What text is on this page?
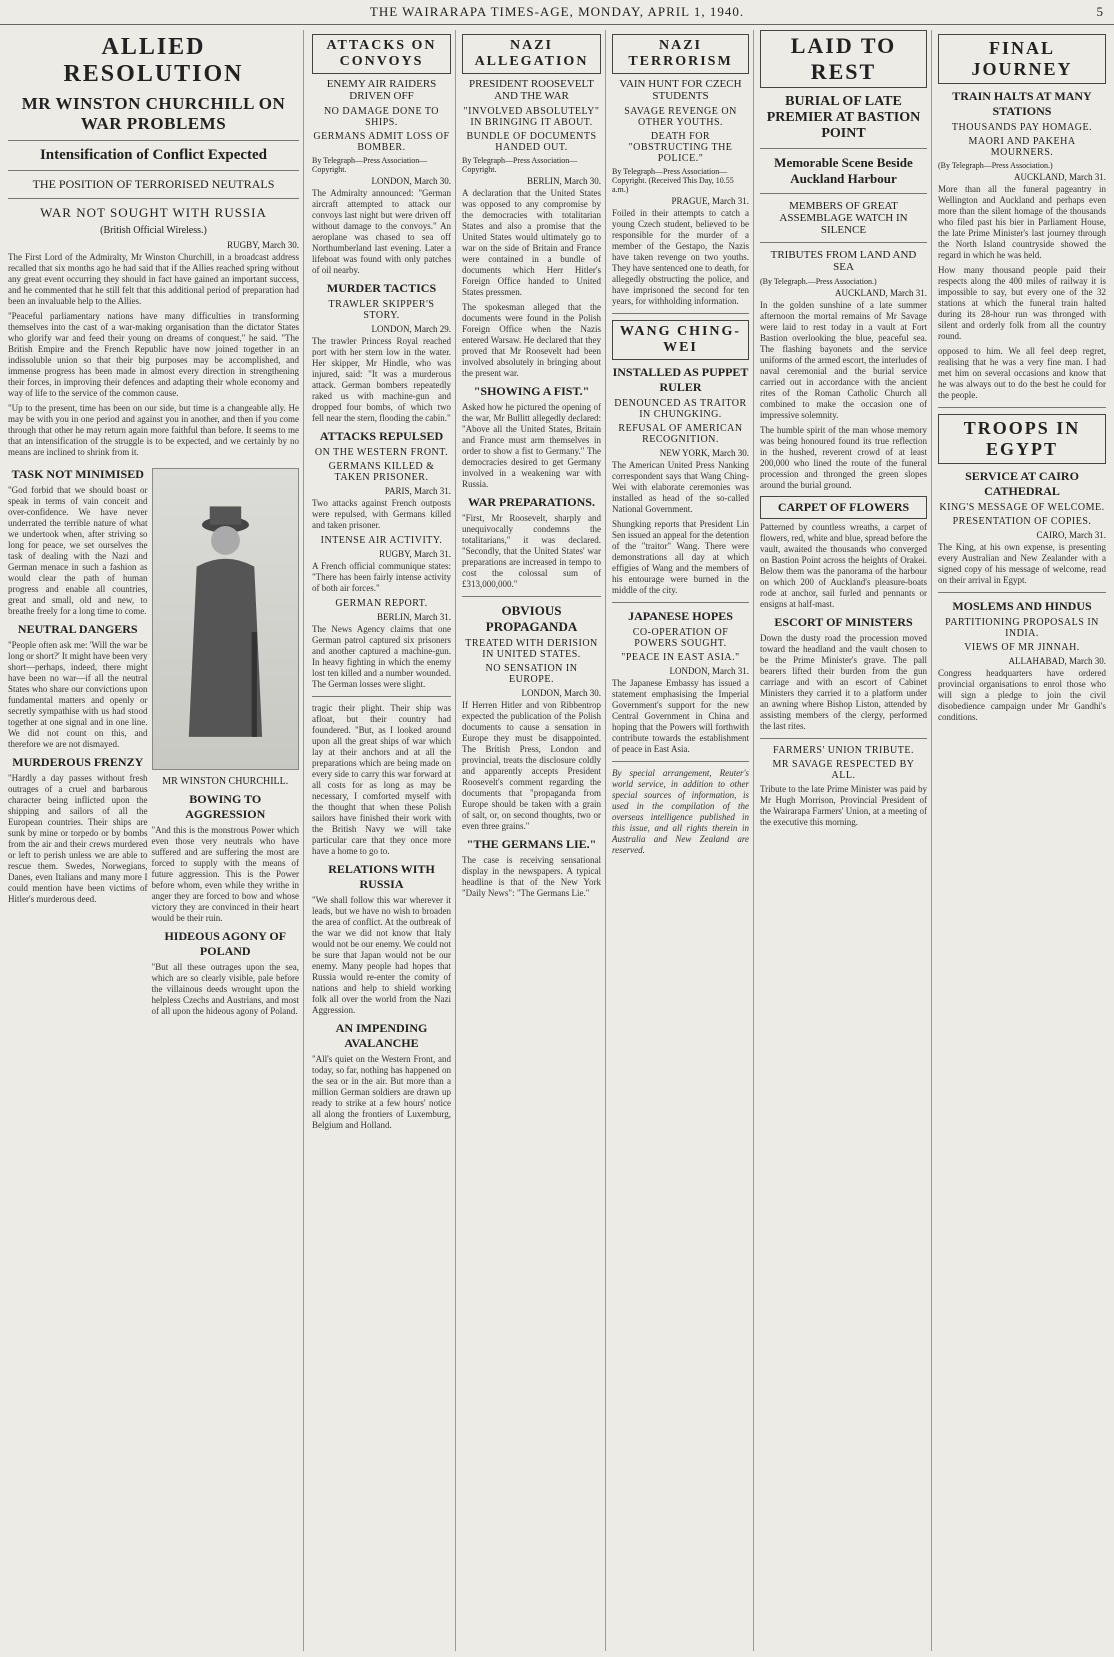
THE WAIRARAPA TIMES-AGE, MONDAY, APRIL 1, 1940.	5
ALLIED RESOLUTION
MR WINSTON CHURCHILL ON WAR PROBLEMS
Intensification of Conflict Expected
THE POSITION OF TERRORISED NEUTRALS
WAR NOT SOUGHT WITH RUSSIA
(British Official Wireless.)
RUGBY, March 30.

The First Lord of the Admiralty, Mr Winston Churchill, in a broadcast address recalled that six months ago he had said that if the Allies reached spring without any great event occurring they should in fact have gained an important success, and he commented that he still felt that this additional period of preparation had been an invaluable help to the Allies.

"Peaceful parliamentary nations have many difficulties in transforming themselves into the cast of a war-making organisation than the dictator States who glorify war and feed their young on dreams of conquest," he said. "The British Empire and the French Republic have now joined together in an indissoluble union so that their big purposes may be accomplished, and immense progress has been made in almost every direction in strengthening their forces, in improving their defences and adapting their whole economy and way of life to the service of the common cause.

"Up to the present, time has been on our side, but time is a changeable ally. He may be with you in one period and against you in another, and then if you come through that other he may return again more faithful than before. It seems to me that an intensification of the struggle is to be expected, and we certainly by no means are inclined to shrink from it.

TASK NOT MINIMISED

"God forbid that we should boast or speak in terms of vain conceit and over-confidence. We have never underrated the terrible nature of what we undertook when, after striving so long for peace, we set ourselves the task of dealing with the Nazi and German menace in such a fashion as would clear the path of human progress and enable all countries, great and small, old and new, to breathe freely for a long time to come.

NEUTRAL DANGERS

"People often ask me: 'Will the war be long or short?' It might have been very short—perhaps, indeed, there might have been no war—if all the neutral States who share our convictions upon fundamental matters and openly or secretly sympathise with us had stood together at one signal and in one line. We did not count on this, and therefore we are not dismayed.

MURDEROUS FRENZY

"Hardly a day passes without fresh outrages of a cruel and barbarous character being inflicted upon the shipping and sailors of all the European countries. Their ships are sunk by mine or torpedo or by bombs from the air and their crews murdered or left to perish unless we are able to rescue them. Swedes, Norwegians, Danes, even Italians and many more I could mention have been victims of Hitler's murderous deed.

MR WINSTON CHURCHILL.
BOWING TO AGGRESSION

"And this is the monstrous Power which even those very neutrals who have suffered and are suffering the most are forced to supply with the means of future aggression. This is the Power before whom, even while they writhe in anger they are forced to bow and whose victory they are convinced in their heart would be their ruin.

HIDEOUS AGONY OF POLAND

"But all these outrages upon the sea, which are so clearly visible, pale before the villainous deeds wrought upon the helpless Czechs and Austrians, and most of all upon the hideous agony of Poland.

ATTACKS ON CONVOYS
ENEMY AIR RAIDERS DRIVEN OFF
NO DAMAGE DONE TO SHIPS.
GERMANS ADMIT LOSS OF BOMBER.
By Telegraph—Press Association—Copyright.
LONDON, March 30.

The Admiralty announced: "German aircraft attempted to attack our convoys last night but were driven off without damage to the convoys." An aeroplane was chased to sea off Northumberland last evening. Later a lifeboat was found with only patches of oil nearby.

MURDER TACTICS
TRAWLER SKIPPER'S STORY.
LONDON, March 29.

The trawler Princess Royal reached port with her stern low in the water. Her skipper, Mr Hindle, who was injured, said: "It was a murderous attack. German bombers repeatedly raked us with machine-gun and dropped four bombs, of which two fell near the stern, flooding the cabin."

ATTACKS REPULSED
ON THE WESTERN FRONT.
GERMANS KILLED & TAKEN PRISONER.
PARIS, March 31.

Two attacks against French outposts were repulsed, with Germans killed and taken prisoner.

INTENSE AIR ACTIVITY.
RUGBY, March 31.

A French official communique states: "There has been fairly intense activity of both air forces."

GERMAN REPORT.
BERLIN, March 31.

The News Agency claims that one German patrol captured six prisoners and another captured a machine-gun. In heavy fighting in which the enemy lost ten killed and a number wounded. The German losses were slight.

tragic their plight. Their ship was afloat, but their country had foundered. "But, as I looked around upon all the great ships of war which lay at their anchors and at all the preparations which are being made on every side to carry this war forward at all costs for as long as may be necessary, I comforted myself with the thought that when these Polish sailors have finished their work with the British Navy we will take particular care that they once more have a home to go to.

RELATIONS WITH RUSSIA

"We shall follow this war wherever it leads, but we have no wish to broaden the area of conflict. At the outbreak of the war we did not know that Italy would not be our enemy. We could not be sure that Japan would not be our enemy. Many people had hopes that Russia would re-enter the comity of nations and help to shield working folk all over the world from the Nazi Aggression.

AN IMPENDING AVALANCHE

"All's quiet on the Western Front, and today, so far, nothing has happened on the sea or in the air. But more than a million German soldiers are drawn up ready to strike at a few hours' notice all along the frontiers of Luxemburg, Belgium and Holland.

NAZI ALLEGATION
PRESIDENT ROOSEVELT AND THE WAR
"INVOLVED ABSOLUTELY" IN BRINGING IT ABOUT.
BUNDLE OF DOCUMENTS HANDED OUT.
By Telegraph—Press Association—Copyright.
BERLIN, March 30.

A declaration that the United States was opposed to any compromise by the democracies with totalitarian States and also a promise that the United States would ultimately go to war on the side of Britain and France were contained in a bundle of documents which Herr Hitler's Foreign Office handed to United States pressmen.

The spokesman alleged that the documents were found in the Polish Foreign Office when the Nazis entered Warsaw. He declared that they proved that Mr Roosevelt had been involved absolutely in bringing about the present war.

"SHOWING A FIST."

Asked how he pictured the opening of the war, Mr Bullitt allegedly declared: "Above all the United States, Britain and France must arm themselves in order to show a fist to Germany." The democracies desired to get Germany involved in a weakening war with Russia.

WAR PREPARATIONS.

"First, Mr Roosevelt, sharply and unequivocally condemns the totalitarians," it was declared. "Secondly, that the United States' war preparations are increased in tempo to cost the colossal sum of £313,000,000."

OBVIOUS PROPAGANDA
TREATED WITH DERISION IN UNITED STATES.
NO SENSATION IN EUROPE.
LONDON, March 30.

If Herren Hitler and von Ribbentrop expected the publication of the Polish documents to cause a sensation in Europe they must be disappointed. The British Press, London and provincial, treats the disclosure coldly and apparently accepts President Roosevelt's comment regarding the documents that "propaganda from Europe should be taken with a grain of salt, or, on second thoughts, two or even three grains."

"THE GERMANS LIE."

The case is receiving sensational display in the newspapers. A typical headline is that of the New York "Daily News": "The Germans Lie."

NAZI TERRORISM
VAIN HUNT FOR CZECH STUDENTS
SAVAGE REVENGE ON OTHER YOUTHS.
DEATH FOR "OBSTRUCTING THE POLICE."
By Telegraph—Press Association—Copyright. (Received This Day, 10.55 a.m.)
PRAGUE, March 31.

Foiled in their attempts to catch a young Czech student, believed to be responsible for the murder of a member of the Gestapo, the Nazis have taken revenge on two youths. They have sentenced one to death, for allegedly obstructing the police, and have imprisoned the second for ten years, for withholding information.

WANG CHING-WEI
INSTALLED AS PUPPET RULER
DENOUNCED AS TRAITOR IN CHUNGKING.
REFUSAL OF AMERICAN RECOGNITION.
NEW YORK, March 30.

The American United Press Nanking correspondent says that Wang Ching-Wei with elaborate ceremonies was installed as head of the so-called National Government.

Shungking reports that President Lin Sen issued an appeal for the detention of the "traitor" Wang. There were demonstrations all day at which effigies of Wang and the members of his entourage were burned in the middle of the city.

JAPANESE HOPES
CO-OPERATION OF POWERS SOUGHT.
"PEACE IN EAST ASIA."
LONDON, March 31.

The Japanese Embassy has issued a statement emphasising the Imperial Government's support for the new Central Government in China and hoping that the Powers will forthwith contribute towards the establishment of peace in East Asia.

By special arrangement, Reuter's world service, in addition to other special sources of information, is used in the compilation of the overseas intelligence published in this issue, and all rights therein in Australia and New Zealand are reserved.

LAID TO REST
BURIAL OF LATE PREMIER AT BASTION POINT
Memorable Scene Beside Auckland Harbour
MEMBERS OF GREAT ASSEMBLAGE WATCH IN SILENCE
TRIBUTES FROM LAND AND SEA
(By Telegraph.—Press Association.)
AUCKLAND, March 31.

In the golden sunshine of a late summer afternoon the mortal remains of Mr Savage were laid to rest today in a vault at Fort Bastion overlooking the blue, peaceful sea. The flashing bayonets and the service uniforms of the armed escort, the interludes of naval ceremonial and the burial service carried out in accordance with the ancient rites of the Roman Catholic Church all combined to make the occasion one of impressive solemnity.

The humble spirit of the man whose memory was being honoured found its true reflection in the hushed, reverent crowd of at least 200,000 who lined the route of the funeral procession and thronged the green slopes around the burial ground.

CARPET OF FLOWERS

Patterned by countless wreaths, a carpet of flowers, red, white and blue, spread before the vault, awaited the thousands who converged on Bastion Point across the heights of Orakei. Below them was the panorama of the harbour on which 200 of Auckland's pleasure-boats rode at anchor, sail furled and pennants or ensigns at half-mast.

ESCORT OF MINISTERS

Down the dusty road the procession moved toward the headland and the vault chosen to be the Prime Minister's grave. The pall bearers lifted their burden from the gun carriage and with an escort of Cabinet Ministers they carried it to a platform under an awning where Bishop Liston, attended by assisting members of the clergy, performed the last rites.

FARMERS' UNION TRIBUTE.
MR SAVAGE RESPECTED BY ALL.

Tribute to the late Prime Minister was paid by Mr Hugh Morrison, Provincial President of the Wairarapa Farmers' Union, at a meeting of the executive this morning.

FINAL JOURNEY
TRAIN HALTS AT MANY STATIONS
THOUSANDS PAY HOMAGE.
MAORI AND PAKEHA MOURNERS.
(By Telegraph—Press Association.)
AUCKLAND, March 31.

More than all the funeral pageantry in Wellington and Auckland and perhaps even more than the silent homage of the thousands who filed past his bier in Parliament House, the late Prime Minister's last journey through the North Island countryside showed the regard in which he was held.

How many thousand people paid their respects along the 400 miles of railway it is impossible to say, but every one of the 32 stations at which the funeral train halted during its 28-hour run was thronged with silent and orderly folk from all the country round.

opposed to him. We all feel deep regret, realising that he was a very fine man. I had met him on several occasions and know that he was always out to do the best he could for the people.

TROOPS IN EGYPT
SERVICE AT CAIRO CATHEDRAL
KING'S MESSAGE OF WELCOME.
PRESENTATION OF COPIES.
CAIRO, March 31.

The King, at his own expense, is presenting every Australian and New Zealander with a signed copy of his message of welcome, read on their arrival in Egypt.

MOSLEMS AND HINDUS
PARTITIONING PROPOSALS IN INDIA.
VIEWS OF MR JINNAH.
ALLAHABAD, March 30.

Congress headquarters have ordered provincial organisations to enrol those who will sign a pledge to join the civil disobedience campaign under Mr Gandhi's conditions.
